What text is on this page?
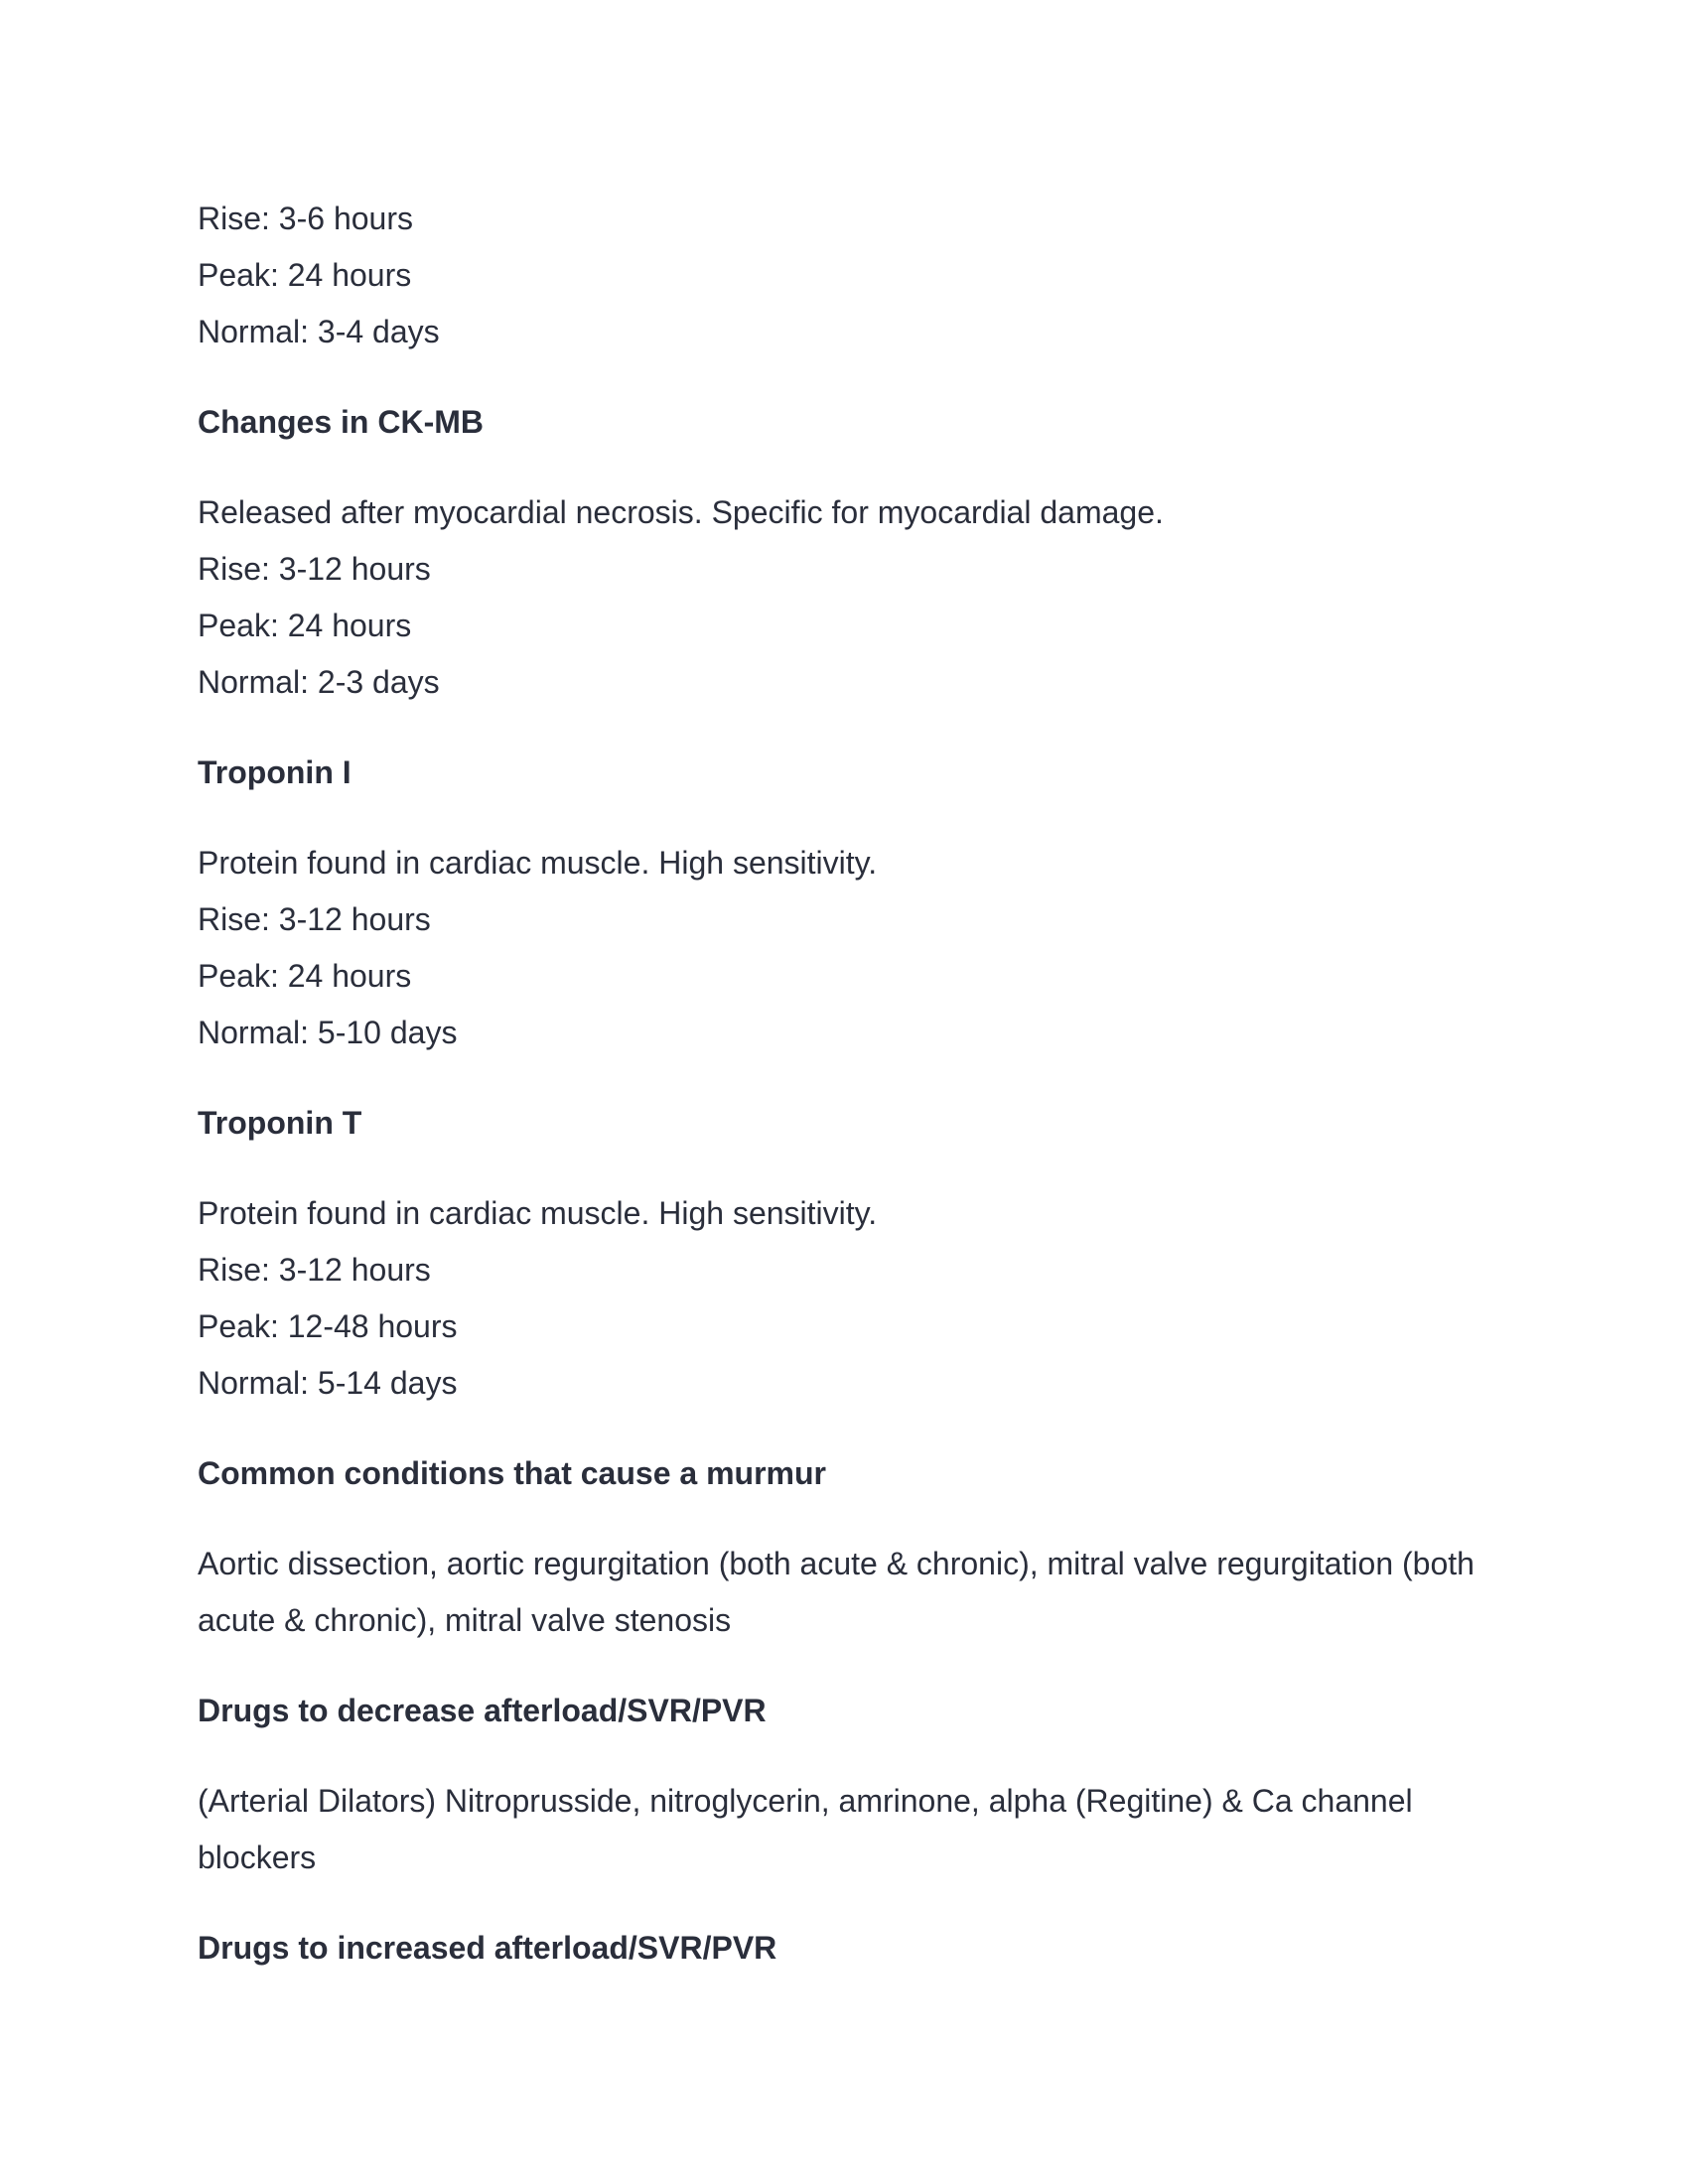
Rise: 3-6 hours

Peak: 24 hours

Normal: 3-4 days

Changes in CK-MB

Released after myocardial necrosis. Specific for myocardial damage.

Rise: 3-12 hours

Peak: 24 hours

Normal: 2-3 days

Troponin I

Protein found in cardiac muscle. High sensitivity.

Rise: 3-12 hours

Peak: 24 hours

Normal: 5-10 days

Troponin T

Protein found in cardiac muscle. High sensitivity.

Rise: 3-12 hours

Peak: 12-48 hours

Normal: 5-14 days

Common conditions that cause a murmur

Aortic dissection, aortic regurgitation (both acute & chronic), mitral valve regurgitation (both acute & chronic), mitral valve stenosis

Drugs to decrease afterload/SVR/PVR

(Arterial Dilators) Nitroprusside, nitroglycerin, amrinone, alpha (Regitine) & Ca channel blockers

Drugs to increased afterload/SVR/PVR
